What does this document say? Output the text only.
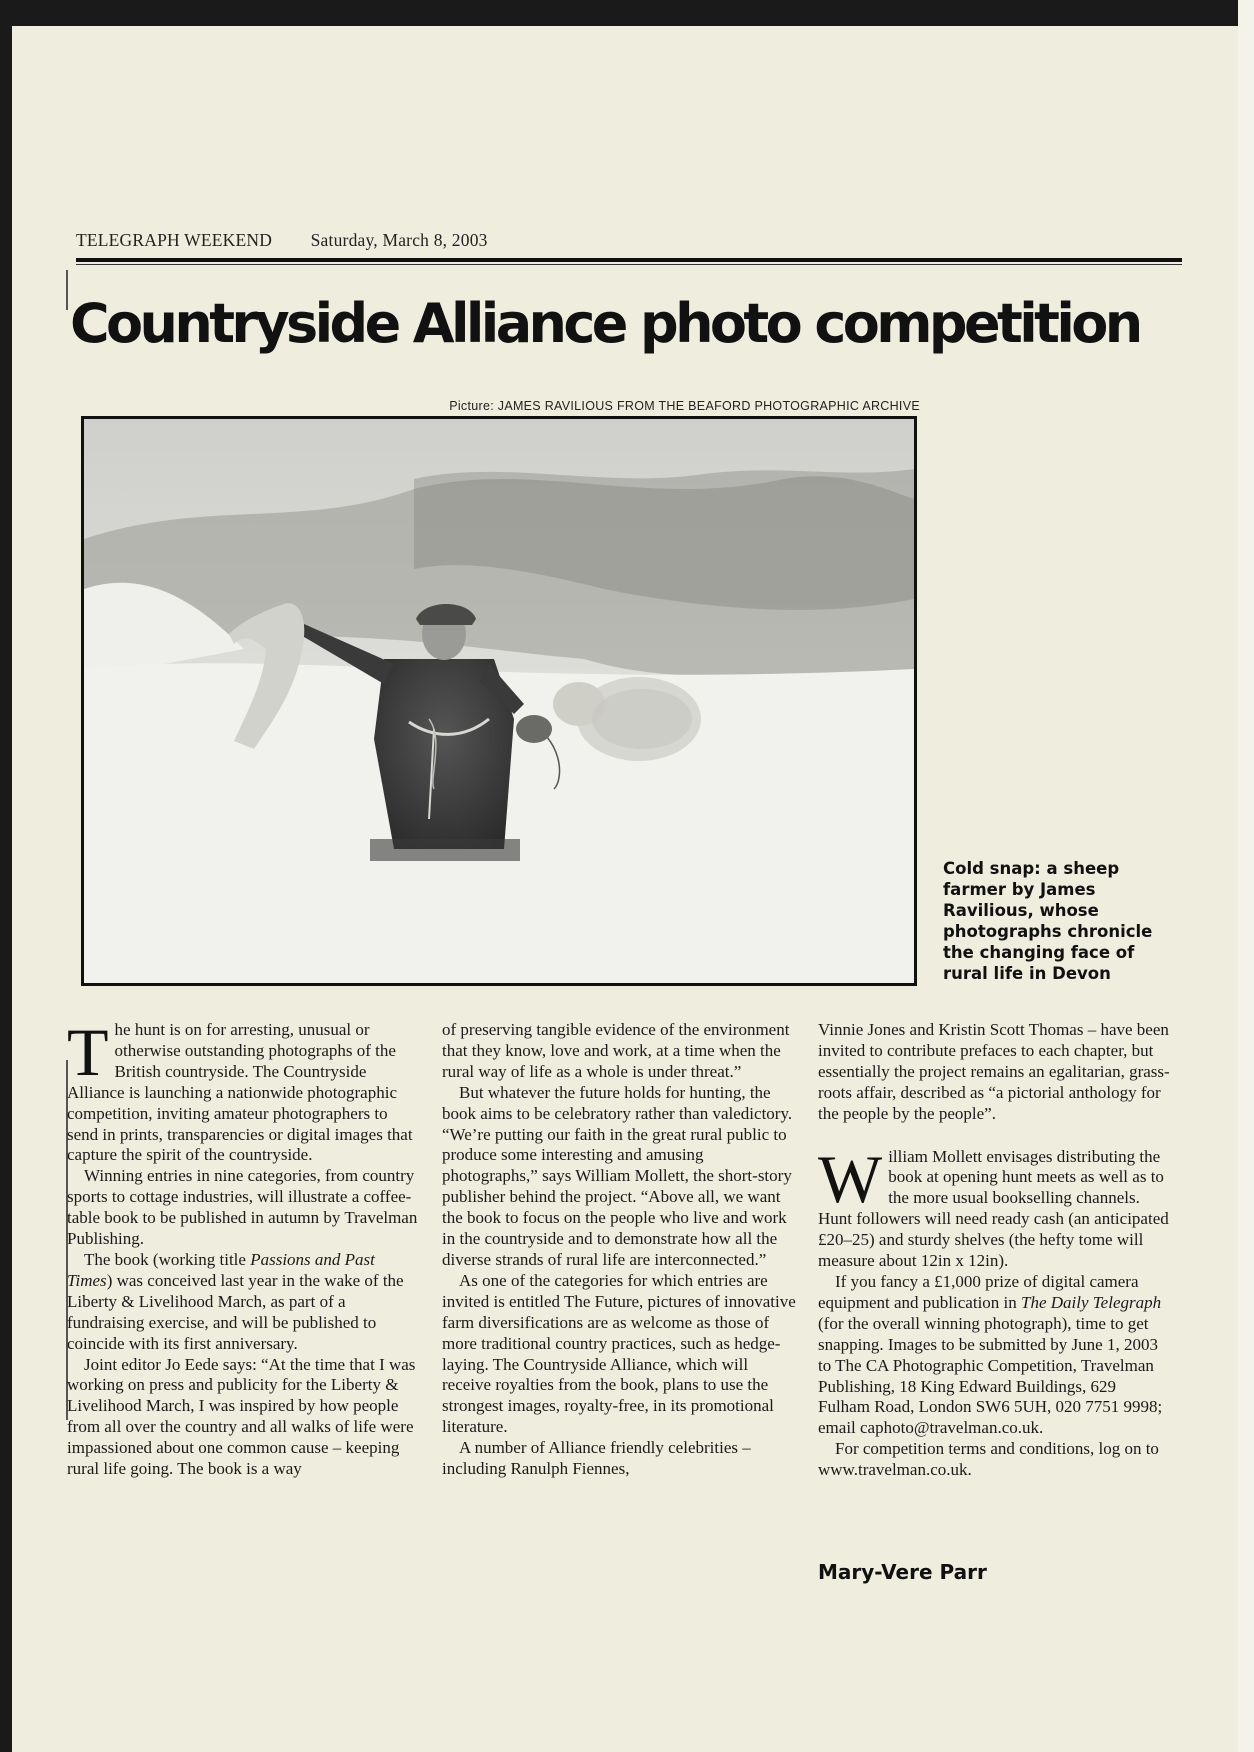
TELEGRAPH WEEKEND Saturday, March 8, 2003
Countryside Alliance photo competition
Picture: JAMES RAVILIOUS FROM THE BEAFORD PHOTOGRAPHIC ARCHIVE
Cold snap: a sheep farmer by James Ravilious, whose photographs chronicle the changing face of rural life in Devon

The hunt is on for arresting, unusual or otherwise outstanding photographs of the British countryside. The Countryside Alliance is launching a nationwide photographic competition, inviting amateur photographers to send in prints, transparencies or digital images that capture the spirit of the countryside.

Winning entries in nine categories, from country sports to cottage industries, will illustrate a coffee-table book to be published in autumn by Travelman Publishing.

The book (working title Passions and Past Times) was conceived last year in the wake of the Liberty & Livelihood March, as part of a fundraising exercise, and will be published to coincide with its first anniversary.

Joint editor Jo Eede says: “At the time that I was working on press and publicity for the Liberty & Livelihood March, I was inspired by how people from all over the country and all walks of life were impassioned about one common cause – keeping rural life going. The book is a way

of preserving tangible evidence of the environment that they know, love and work, at a time when the rural way of life as a whole is under threat.”

But whatever the future holds for hunting, the book aims to be celebratory rather than valedictory. “We’re putting our faith in the great rural public to produce some interesting and amusing photographs,” says William Mollett, the short-story publisher behind the project. “Above all, we want the book to focus on the people who live and work in the countryside and to demonstrate how all the diverse strands of rural life are interconnected.”

As one of the categories for which entries are invited is entitled The Future, pictures of innovative farm diversifications are as welcome as those of more traditional country practices, such as hedge-laying. The Countryside Alliance, which will receive royalties from the book, plans to use the strongest images, royalty-free, in its promotional literature.

A number of Alliance friendly celebrities – including Ranulph Fiennes,

Vinnie Jones and Kristin Scott Thomas – have been invited to contribute prefaces to each chapter, but essentially the project remains an egalitarian, grass-roots affair, described as “a pictorial anthology for the people by the people”.

William Mollett envisages distributing the book at opening hunt meets as well as to the more usual bookselling channels. Hunt followers will need ready cash (an anticipated £20–25) and sturdy shelves (the hefty tome will measure about 12in x 12in).

If you fancy a £1,000 prize of digital camera equipment and publication in The Daily Telegraph (for the overall winning photograph), time to get snapping. Images to be submitted by June 1, 2003 to The CA Photographic Competition, Travelman Publishing, 18 King Edward Buildings, 629 Fulham Road, London SW6 5UH, 020 7751 9998; email caphoto@travelman.co.uk.

For competition terms and conditions, log on to www.travelman.co.uk.

Mary-Vere Parr
